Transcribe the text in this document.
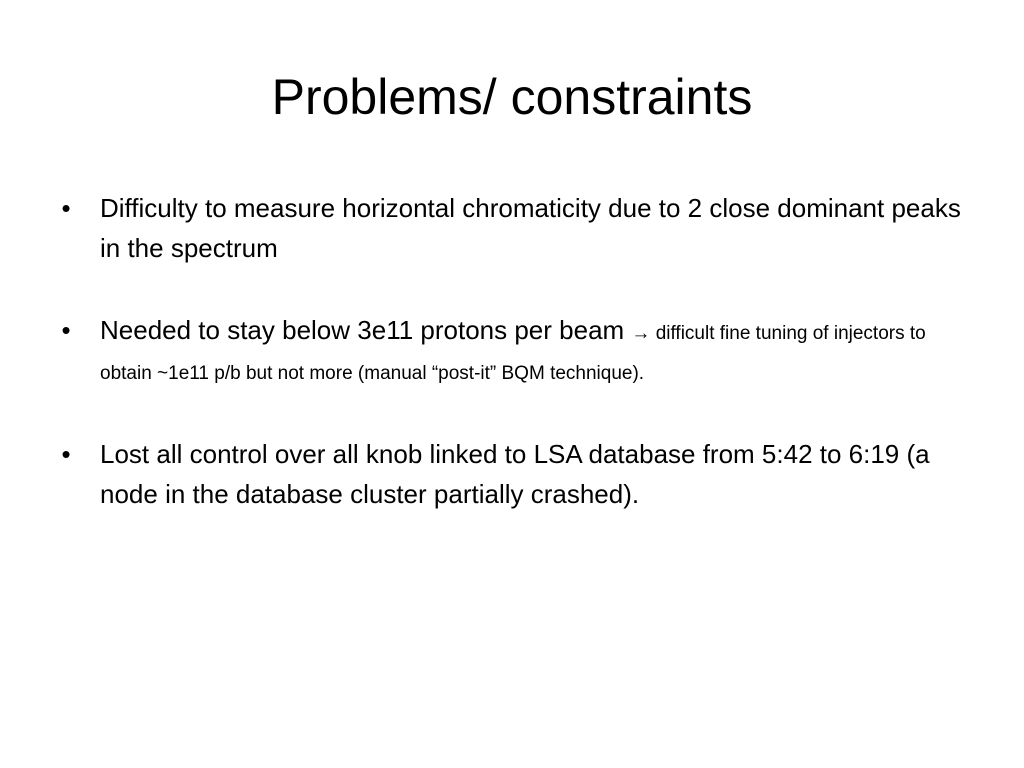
Problems/ constraints
• Difficulty to measure horizontal chromaticity due to 2 close dominant peaks in the spectrum
• Needed to stay below 3e11 protons per beam → difficult fine tuning of injectors to obtain ~1e11 p/b but not more (manual “post-it” BQM technique).
• Lost all control over all knob linked to LSA database from 5:42 to 6:19 (a node in the database cluster partially crashed).
